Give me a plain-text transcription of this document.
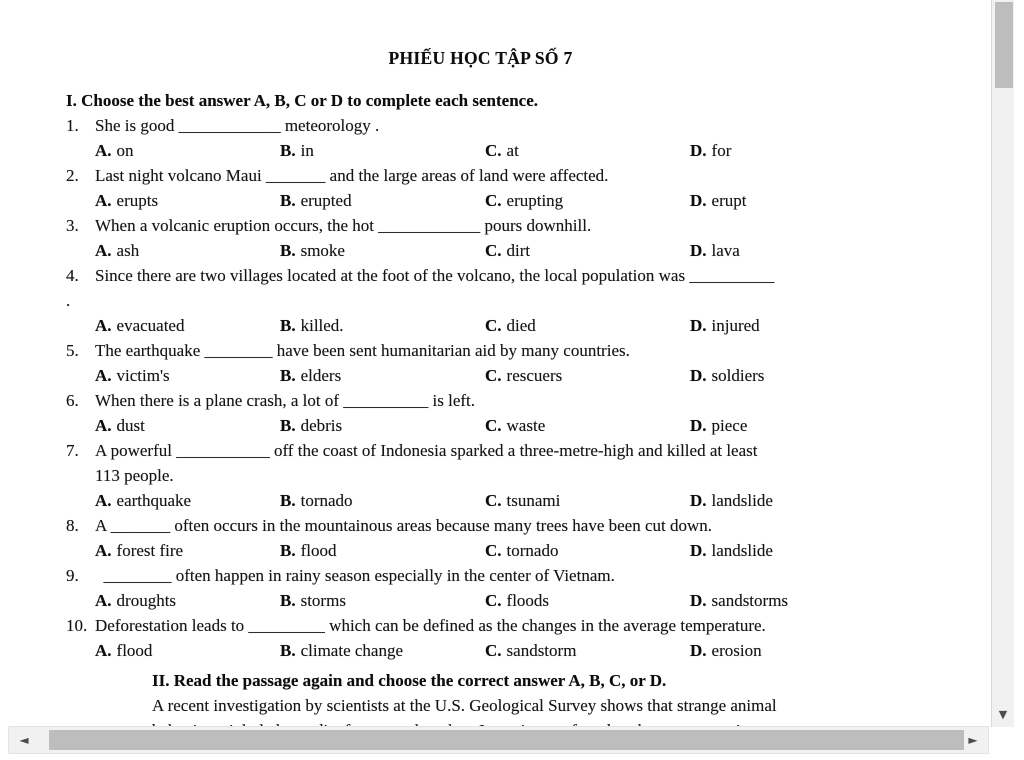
PHIẾU HỌC TẬP SỐ 7
I. Choose the best answer A, B, C or D to complete each sentence.
1. She is good ____________ meteorology .
A. on	B. in	C. at	D. for
2. Last night volcano Maui _______ and the large areas of land were affected.
A. erupts	B. erupted	C. erupting	D. erupt
3. When a volcanic eruption occurs, the hot ____________ pours downhill.
A. ash	B. smoke	C. dirt	D. lava
4. Since there are two villages located at the foot of the volcano, the local population was __________
.
A. evacuated	B. killed.	C. died	D. injured
5. The earthquake ________ have been sent humanitarian aid by many countries.
A. victim's	B. elders	C. rescuers	D. soldiers
6. When there is a plane crash, a lot of __________ is left.
A. dust	B. debris	C. waste	D. piece
7. A powerful ___________ off the coast of Indonesia sparked a three-metre-high and killed at least
113 people.
A. earthquake	B. tornado	C. tsunami	D. landslide
8. A _______ often occurs in the mountainous areas because many trees have been cut down.
A. forest fire	B. flood	C. tornado	D. landslide
9.  ________ often happen in rainy season especially in the center of Vietnam.
A. droughts	B. storms	C. floods	D. sandstorms
10. Deforestation leads to _________ which can be defined as the changes in the average temperature.
A. flood	B. climate change	C. sandstorm	D. erosion
II. Read the passage again and choose the correct answer A, B, C, or D.
A recent investigation by scientists at the U.S. Geological Survey shows that strange animal	▼
◄	►
